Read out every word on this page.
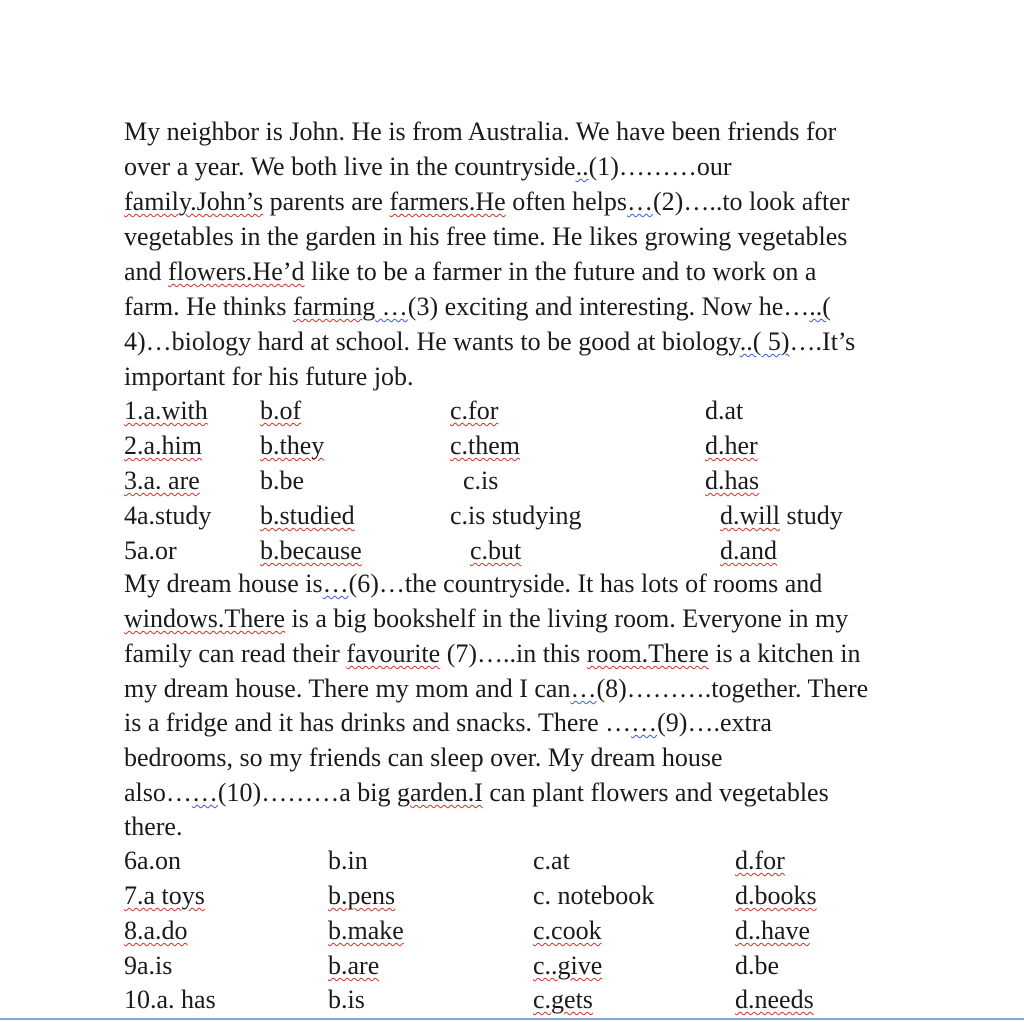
My neighbor is John. He is from Australia. We have been friends for
over a year. We both live in the countryside..(1)………our
family.John’s parents are farmers.He often helps…(2)…..to look after
vegetables in the garden in his free time. He likes growing vegetables
and flowers.He’d like to be a farmer in the future and to work on a
farm. He thinks farming …(3) exciting and interesting. Now he…..(
4)…biology hard at school. He wants to be good at biology..( 5)….It’s
important for his future job.
1.a.with b.of	c.for	d.at
2.a.him b.they	c.them	d.her
3.a. are b.be	c.is	d.has
4a.study b.studied	c.is studying	d.will study
5a.or	b.because	c.but	d.and
My dream house is…(6)…the countryside. It has lots of rooms and
windows.There is a big bookshelf in the living room. Everyone in my
family can read their favourite (7)…..in this room.There is a kitchen in
my dream house. There my mom and I can…(8)……….together. There
is a fridge and it has drinks and snacks. There ……(9)….extra
bedrooms, so my friends can sleep over. My dream house
also……(10)………a big garden.I can plant flowers and vegetables
there.
6a.on	b.in	c.at	d.for
7.a toys	b.pens	c. notebook	d.books
8.a.do	b.make	c.cook	d..have
9a.is	b.are	c..give	d.be
10.a. has	b.is	c.gets	d.needs
